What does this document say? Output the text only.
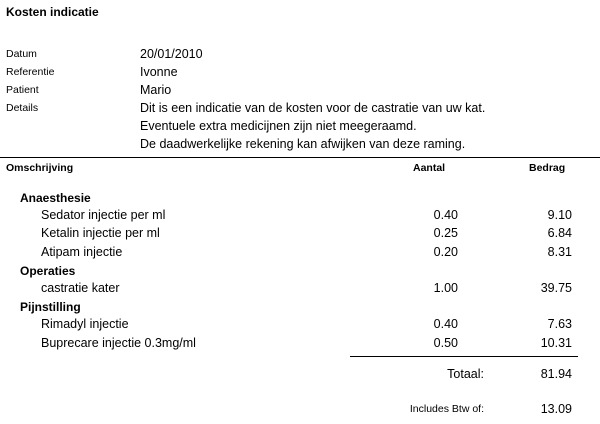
Kosten indicatie
Datum	20/01/2010
Referentie	Ivonne
Patient	Mario
Details	Dit is een indicatie van de kosten voor de castratie van uw kat.
Eventuele extra medicijnen zijn niet meegeraamd.
De daadwerkelijke rekening kan afwijken van deze raming.
Omschrijving	Aantal	Bedrag
Anaesthesie
Sedator injectie per ml	0.40	9.10
Ketalin injectie per ml	0.25	6.84
Atipam injectie	0.20	8.31
Operaties
castratie kater	1.00	39.75
Pijnstilling
Rimadyl injectie	0.40	7.63
Buprecare injectie 0.3mg/ml	0.50	10.31
Totaal:	81.94
Includes Btw of:	13.09
